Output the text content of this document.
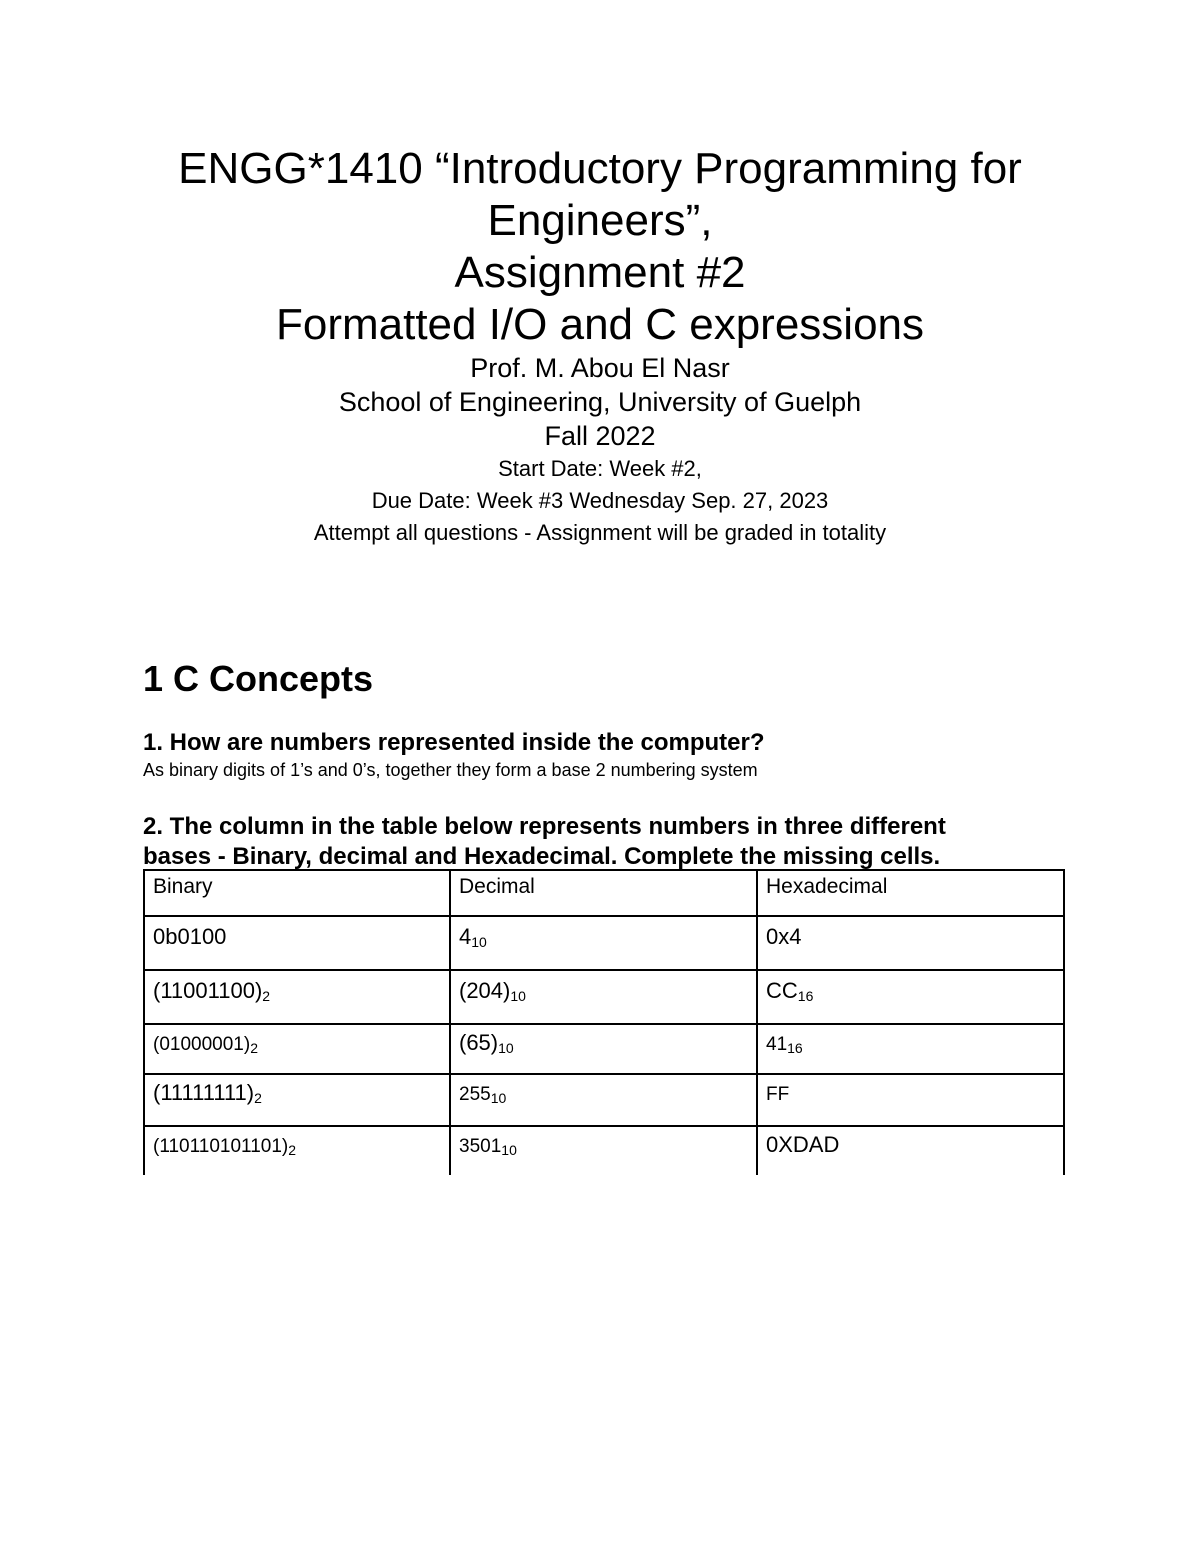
ENGG*1410 “Introductory Programming for
Engineers”,
Assignment #2
Formatted I/O and C expressions
Prof. M. Abou El Nasr
School of Engineering, University of Guelph
Fall 2022
Start Date: Week #2,
Due Date: Week #3 Wednesday Sep. 27, 2023
Attempt all questions - Assignment will be graded in totality
1 C Concepts
1. How are numbers represented inside the computer?
As binary digits of 1’s and 0’s, together they form a base 2 numbering system
2. The column in the table below represents numbers in three different
bases - Binary, decimal and Hexadecimal. Complete the missing cells.
Binary	Decimal	Hexadecimal
0b0100	410	0x4
(11001100)2	(204)10	CC16
(01000001)2	(65)10	4116
(11111111)2	25510	FF
(110110101101)2	350110	0XDAD
